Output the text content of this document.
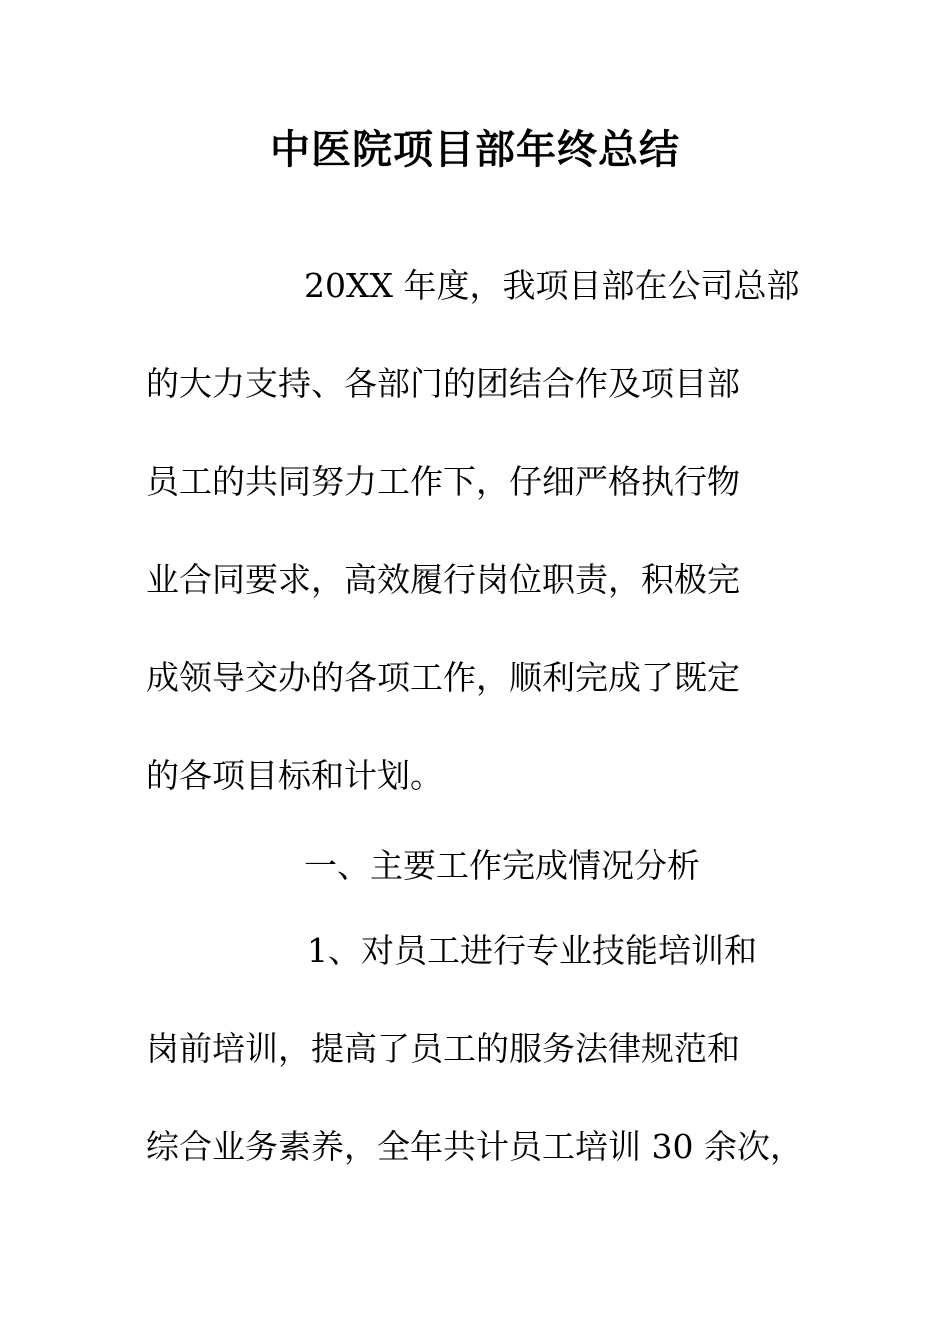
中医院项目部年终总结
20XX 年度，我项目部在公司总部
的大力支持、各部门的团结合作及项目部
员工的共同努力工作下，仔细严格执行物
业合同要求，高效履行岗位职责，积极完
成领导交办的各项工作，顺利完成了既定
的各项目标和计划。
一、主要工作完成情况分析
1、对员工进行专业技能培训和
岗前培训，提高了员工的服务法律规范和
综合业务素养，全年共计员工培训 30 余次，
